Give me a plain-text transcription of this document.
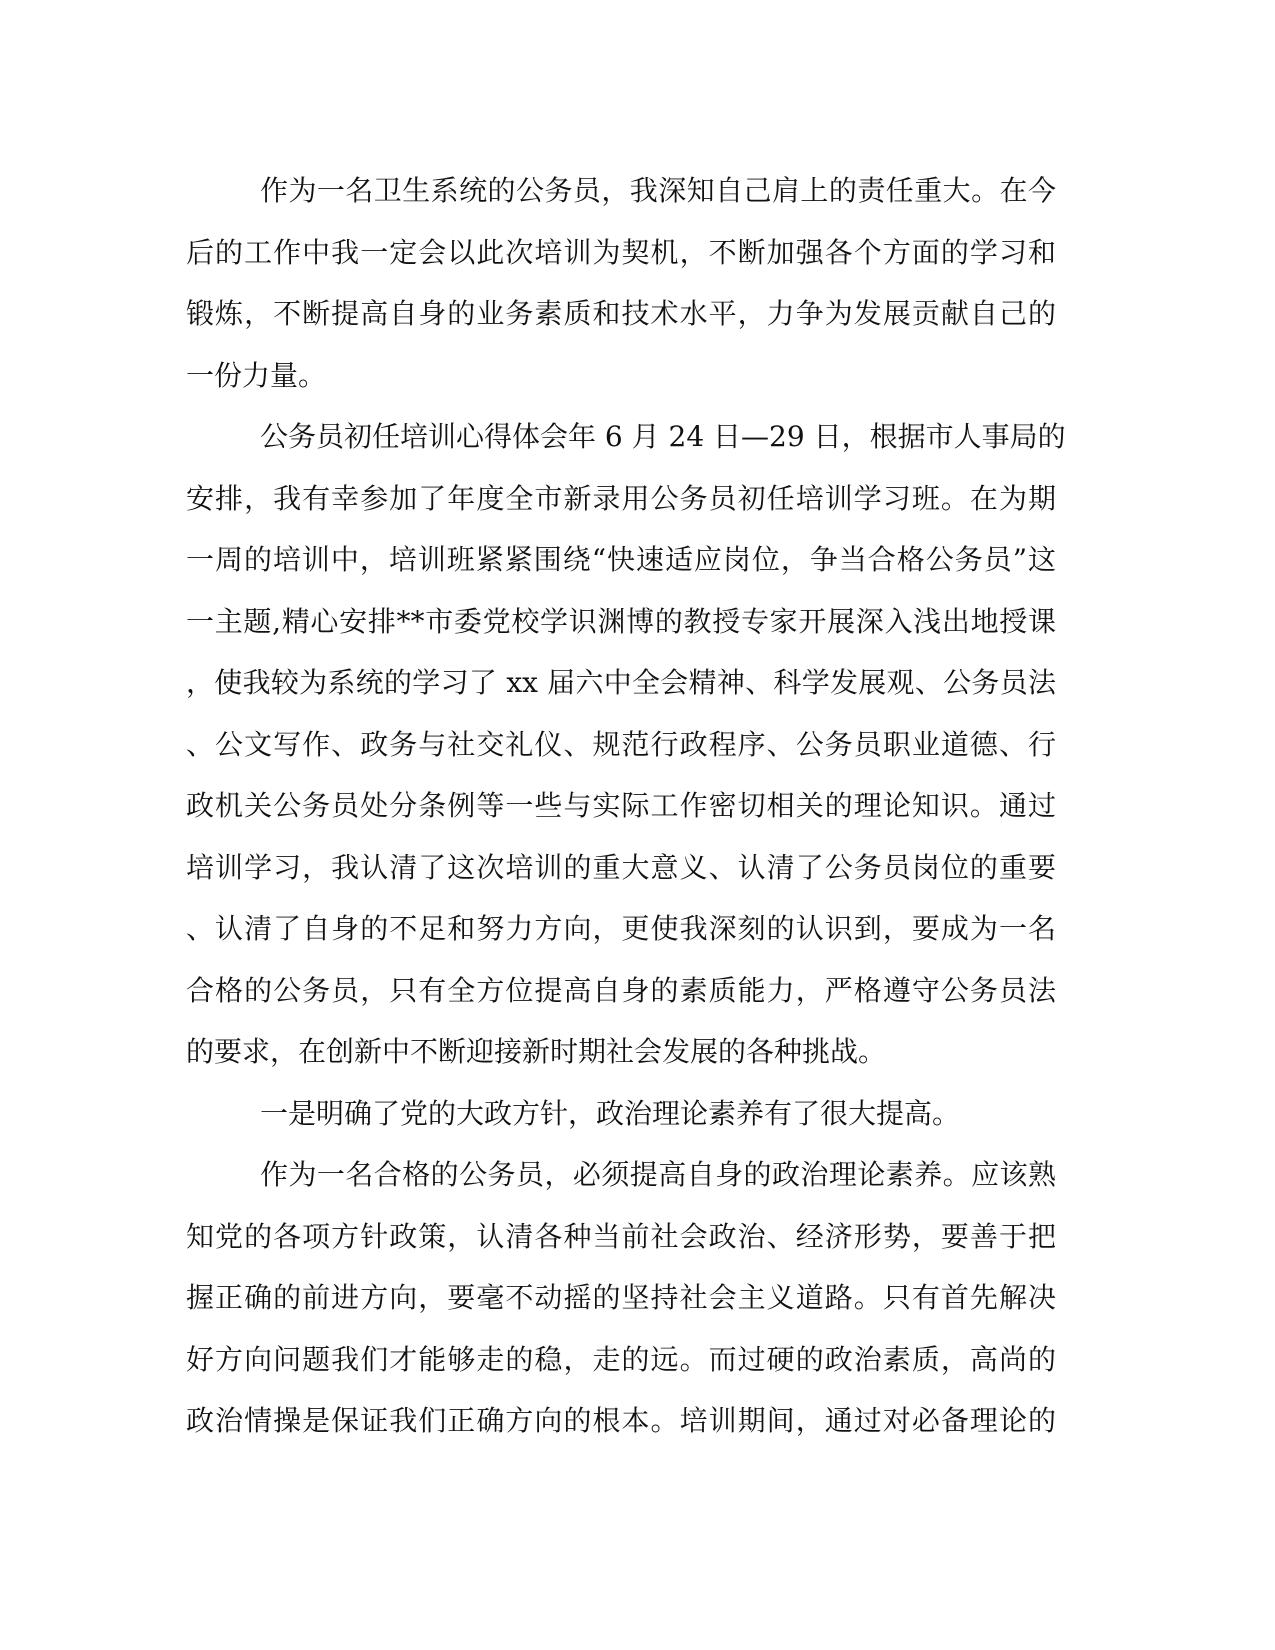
作为一名卫生系统的公务员，我深知自己肩上的责任重大。在今
后的工作中我一定会以此次培训为契机，不断加强各个方面的学习和
锻炼，不断提高自身的业务素质和技术水平，力争为发展贡献自己的
一份力量。
公务员初任培训心得体会年 6 月 24 日—29 日，根据市人事局的
安排，我有幸参加了年度全市新录用公务员初任培训学习班。在为期
一周的培训中，培训班紧紧围绕“快速适应岗位，争当合格公务员”这
一主题,精心安排**市委党校学识渊博的教授专家开展深入浅出地授课
，使我较为系统的学习了 xx 届六中全会精神、科学发展观、公务员法
、公文写作、政务与社交礼仪、规范行政程序、公务员职业道德、行
政机关公务员处分条例等一些与实际工作密切相关的理论知识。通过
培训学习，我认清了这次培训的重大意义、认清了公务员岗位的重要
、认清了自身的不足和努力方向，更使我深刻的认识到，要成为一名
合格的公务员，只有全方位提高自身的素质能力，严格遵守公务员法
的要求，在创新中不断迎接新时期社会发展的各种挑战。
一是明确了党的大政方针，政治理论素养有了很大提高。
作为一名合格的公务员，必须提高自身的政治理论素养。应该熟
知党的各项方针政策，认清各种当前社会政治、经济形势，要善于把
握正确的前进方向，要毫不动摇的坚持社会主义道路。只有首先解决
好方向问题我们才能够走的稳，走的远。而过硬的政治素质，高尚的
政治情操是保证我们正确方向的根本。培训期间，通过对必备理论的
